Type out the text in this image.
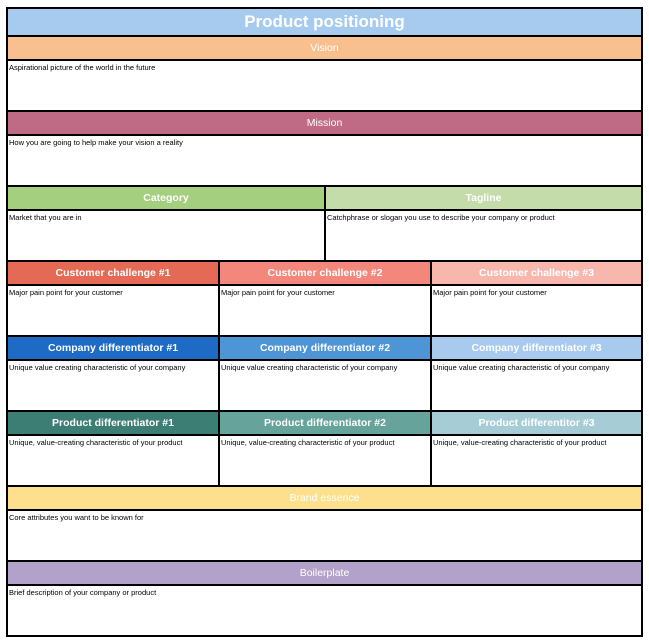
Product positioning
Vision
Aspirational picture of the world in the future
Mission
How you are going to help make your vision a reality
Category	Tagline
Market that you are in	Catchphrase or slogan you use to describe your company or product
Customer challenge #1	Customer challenge #2	Customer challenge #3
Major pain point for your customer	Major pain point for your customer	Major pain point for your customer
Company differentiator #1	Company differentiator #2	Company differentiator #3
Unique value creating characteristic of your company	Unique value creating characteristic of your company	Unique value creating characteristic of your company
Product differentiator #1	Product differentiator #2	Product differentitor #3
Unique, value-creating characteristic of your product	Unique, value-creating characteristic of your product	Unique, value-creating characteristic of your product
Brand essence
Core attributes you want to be known for
Boilerplate
Brief description of your company or product
